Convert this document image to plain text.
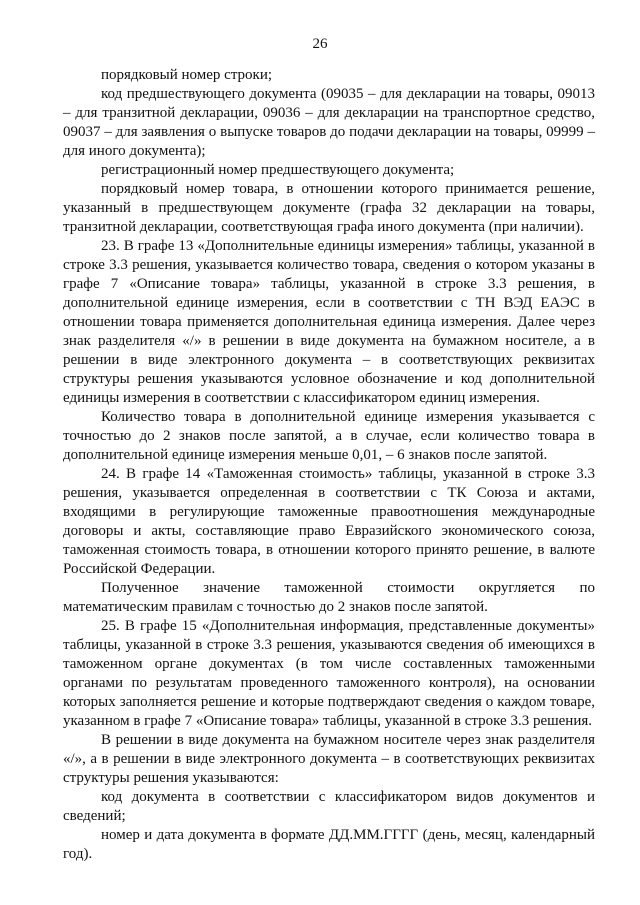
26

порядковый номер строки;

код предшествующего документа (09035 – для декларации на товары, 09013 – для транзитной декларации, 09036 – для декларации на транспортное средство, 09037 – для заявления о выпуске товаров до подачи декларации на товары, 09999 – для иного документа);

регистрационный номер предшествующего документа;

порядковый номер товара, в отношении которого принимается решение, указанный в предшествующем документе (графа 32 декларации на товары, транзитной декларации, соответствующая графа иного документа (при наличии).

23. В графе 13 «Дополнительные единицы измерения» таблицы, указанной в строке 3.3 решения, указывается количество товара, сведения о котором указаны в графе 7 «Описание товара» таблицы, указанной в строке 3.3 решения, в дополнительной единице измерения, если в соответствии с ТН ВЭД ЕАЭС в отношении товара применяется дополнительная единица измерения. Далее через знак разделителя «/» в решении в виде документа на бумажном носителе, а в решении в виде электронного документа – в соответствующих реквизитах структуры решения указываются условное обозначение и код дополнительной единицы измерения в соответствии с классификатором единиц измерения.

Количество товара в дополнительной единице измерения указывается с точностью до 2 знаков после запятой, а в случае, если количество товара в дополнительной единице измерения меньше 0,01, – 6 знаков после запятой.

24. В графе 14 «Таможенная стоимость» таблицы, указанной в строке 3.3 решения, указывается определенная в соответствии с ТК Союза и актами, входящими в регулирующие таможенные правоотношения международные договоры и акты, составляющие право Евразийского экономического союза, таможенная стоимость товара, в отношении которого принято решение, в валюте Российской Федерации.

Полученное значение таможенной стоимости округляется по математическим правилам с точностью до 2 знаков после запятой.

25. В графе 15 «Дополнительная информация, представленные документы» таблицы, указанной в строке 3.3 решения, указываются сведения об имеющихся в таможенном органе документах (в том числе составленных таможенными органами по результатам проведенного таможенного контроля), на основании которых заполняется решение и которые подтверждают сведения о каждом товаре, указанном в графе 7 «Описание товара» таблицы, указанной в строке 3.3 решения.

В решении в виде документа на бумажном носителе через знак разделителя «/», а в решении в виде электронного документа – в соответствующих реквизитах структуры решения указываются:

код документа в соответствии с классификатором видов документов и сведений;

номер и дата документа в формате ДД.ММ.ГГГГ (день, месяц, календарный год).
